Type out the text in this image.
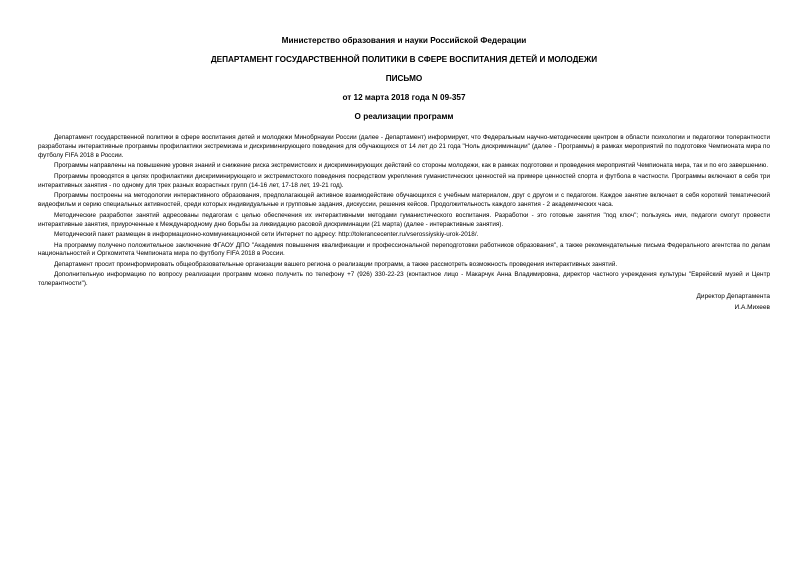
Министерство образования и науки Российской Федерации
ДЕПАРТАМЕНТ ГОСУДАРСТВЕННОЙ ПОЛИТИКИ В СФЕРЕ ВОСПИТАНИЯ ДЕТЕЙ И МОЛОДЕЖИ
ПИСЬМО
от 12 марта 2018 года N 09-357
О реализации программ

Департамент государственной политики в сфере воспитания детей и молодежи Минобрнауки России (далее - Департамент) информирует, что Федеральным научно-методическим центром в области психологии и педагогики толерантности разработаны интерактивные программы профилактики экстремизма и дискриминирующего поведения для обучающихся от 14 лет до 21 года "Ноль дискриминации" (далее - Программы) в рамках мероприятий по подготовке Чемпионата мира по футболу FIFA 2018 в России.

Программы направлены на повышение уровня знаний и снижение риска экстремистских и дискриминирующих действий со стороны молодежи, как в рамках подготовки и проведения мероприятий Чемпионата мира, так и по его завершению.

Программы проводятся в целях профилактики дискриминирующего и экстремистского поведения посредством укрепления гуманистических ценностей на примере ценностей спорта и футбола в частности. Программы включают в себя три интерактивных занятия - по одному для трех разных возрастных групп (14-16 лет, 17-18 лет, 19-21 год).

Программы построены на методологии интерактивного образования, предполагающей активное взаимодействие обучающихся с учебным материалом, друг с другом и с педагогом. Каждое занятие включает в себя короткий тематический видеофильм и серию специальных активностей, среди которых индивидуальные и групповые задания, дискуссии, решения кейсов. Продолжительность каждого занятия - 2 академических часа.

Методические разработки занятий адресованы педагогам с целью обеспечения их интерактивными методами гуманистического воспитания. Разработки - это готовые занятия "под ключ"; пользуясь ими, педагоги смогут провести интерактивные занятия, приуроченные к Международному дню борьбы за ликвидацию расовой дискриминации (21 марта) (далее - интерактивные занятия).

Методический пакет размещен в информационно-коммуникационной сети Интернет по адресу: http://tolerancecenter.ru/vserossiyskiy-urok-2018/.

На программу получено положительное заключение ФГАОУ ДПО "Академия повышения квалификации и профессиональной переподготовки работников образования", а также рекомендательные письма Федерального агентства по делам национальностей и Оргкомитета Чемпионата мира по футболу FIFA 2018 в России.

Департамент просит проинформировать общеобразовательные организации вашего региона о реализации программ, а также рассмотреть возможность проведения интерактивных занятий.

Дополнительную информацию по вопросу реализации программ можно получить по телефону +7 (926) 330-22-23 (контактное лицо - Макарчук Анна Владимировна, директор частного учреждения культуры "Еврейский музей и Центр толерантности").

Директор Департамента
И.А.Михеев
